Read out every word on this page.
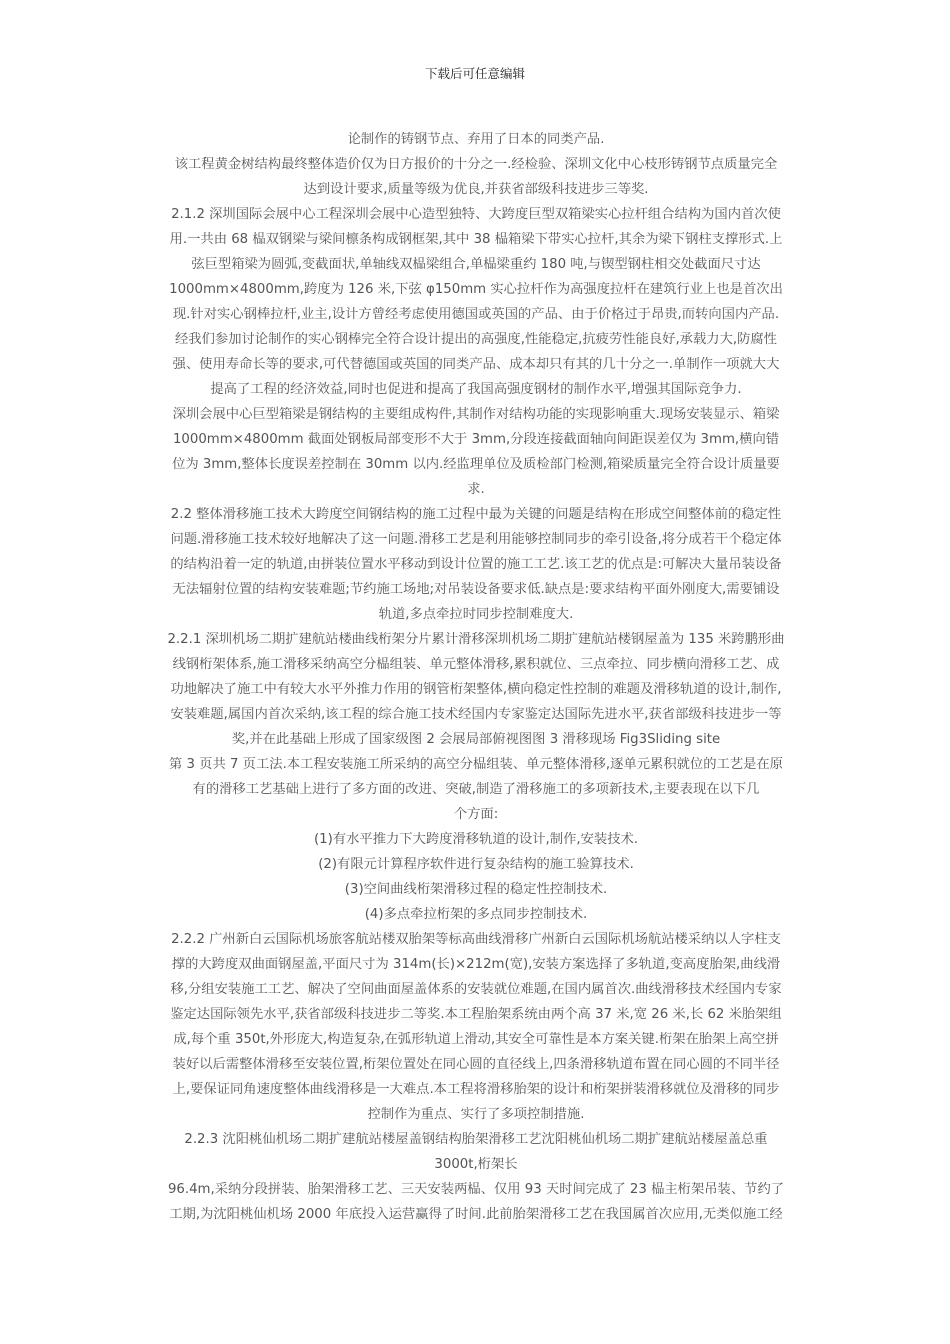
下载后可任意编辑
论制作的铸钢节点、弃用了日本的同类产品.
该工程黄金树结构最终整体造价仅为日方报价的十分之一.经检验、深圳文化中心枝形铸钢节点质量完全
达到设计要求,质量等级为优良,并获省部级科技进步三等奖.
2.1.2 深圳国际会展中心工程深圳会展中心造型独特、大跨度巨型双箱梁实心拉杆组合结构为国内首次使
用.一共由 68 榀双钢梁与梁间檩条构成钢框架,其中 38 榀箱梁下带实心拉杆,其余为梁下钢柱支撑形式.上
弦巨型箱梁为圆弧,变截面状,单轴线双榀梁组合,单榀梁重约 180 吨,与锲型钢柱相交处截面尺寸达
1000mm×4800mm,跨度为 126 米,下弦 φ150mm 实心拉杆作为高强度拉杆在建筑行业上也是首次出
现.针对实心钢棒拉杆,业主,设计方曾经考虑使用德国或英国的产品、由于价格过于昂贵,而转向国内产品.
经我们参加讨论制作的实心钢棒完全符合设计提出的高强度,性能稳定,抗疲劳性能良好,承载力大,防腐性
强、使用寿命长等的要求,可代替德国或英国的同类产品、成本却只有其的几十分之一.单制作一项就大大
提高了工程的经济效益,同时也促进和提高了我国高强度钢材的制作水平,增强其国际竞争力.
深圳会展中心巨型箱梁是钢结构的主要组成构件,其制作对结构功能的实现影响重大.现场安装显示、箱梁
1000mm×4800mm 截面处钢板局部变形不大于 3mm,分段连接截面轴向间距误差仅为 3mm,横向错
位为 3mm,整体长度误差控制在 30mm 以内.经监理单位及质检部门检测,箱梁质量完全符合设计质量要
求.
2.2 整体滑移施工技术大跨度空间钢结构的施工过程中最为关键的问题是结构在形成空间整体前的稳定性
问题.滑移施工技术较好地解决了这一问题.滑移工艺是利用能够控制同步的牵引设备,将分成若干个稳定体
的结构沿着一定的轨道,由拼装位置水平移动到设计位置的施工工艺.该工艺的优点是:可解决大量吊装设备
无法辐射位置的结构安装难题;节约施工场地;对吊装设备要求低.缺点是:要求结构平面外刚度大,需要铺设
轨道,多点牵拉时同步控制难度大.
2.2.1 深圳机场二期扩建航站楼曲线桁架分片累计滑移深圳机场二期扩建航站楼钢屋盖为 135 米跨鹏形曲
线钢桁架体系,施工滑移采纳高空分榀组装、单元整体滑移,累积就位、三点牵拉、同步横向滑移工艺、成
功地解决了施工中有较大水平外推力作用的钢管桁架整体,横向稳定性控制的难题及滑移轨道的设计,制作,
安装难题,属国内首次采纳,该工程的综合施工技术经国内专家鉴定达国际先进水平,获省部级科技进步一等
奖,并在此基础上形成了国家级图 2 会展局部俯视图图 3 滑移现场 Fig3Sliding site
第 3 页共 7 页工法.本工程安装施工所采纳的高空分榀组装、单元整体滑移,逐单元累积就位的工艺是在原
有的滑移工艺基础上进行了多方面的改进、突破,制造了滑移施工的多项新技术,主要表现在以下几
个方面:
(1)有水平推力下大跨度滑移轨道的设计,制作,安装技术.
(2)有限元计算程序软件进行复杂结构的施工验算技术.
(3)空间曲线桁架滑移过程的稳定性控制技术.
(4)多点牵拉桁架的多点同步控制技术.
2.2.2 广州新白云国际机场旅客航站楼双胎架等标高曲线滑移广州新白云国际机场航站楼采纳以人字柱支
撑的大跨度双曲面钢屋盖,平面尺寸为 314m(长)×212m(宽),安装方案选择了多轨道,变高度胎架,曲线滑
移,分组安装施工工艺、解决了空间曲面屋盖体系的安装就位难题,在国内属首次.曲线滑移技术经国内专家
鉴定达国际领先水平,获省部级科技进步二等奖.本工程胎架系统由两个高 37 米,宽 26 米,长 62 米胎架组
成,每个重 350t,外形庞大,构造复杂,在弧形轨道上滑动,其安全可靠性是本方案关键.桁架在胎架上高空拼
装好以后需整体滑移至安装位置,桁架位置处在同心圆的直径线上,四条滑移轨道布置在同心圆的不同半径
上,要保证同角速度整体曲线滑移是一大难点.本工程将滑移胎架的设计和桁架拼装滑移就位及滑移的同步
控制作为重点、实行了多项控制措施.
2.2.3 沈阳桃仙机场二期扩建航站楼屋盖钢结构胎架滑移工艺沈阳桃仙机场二期扩建航站楼屋盖总重
3000t,桁架长
96.4m,采纳分段拼装、胎架滑移工艺、三天安装两榀、仅用 93 天时间完成了 23 榀主桁架吊装、节约了
工期,为沈阳桃仙机场 2000 年底投入运营赢得了时间.此前胎架滑移工艺在我国属首次应用,无类似施工经
